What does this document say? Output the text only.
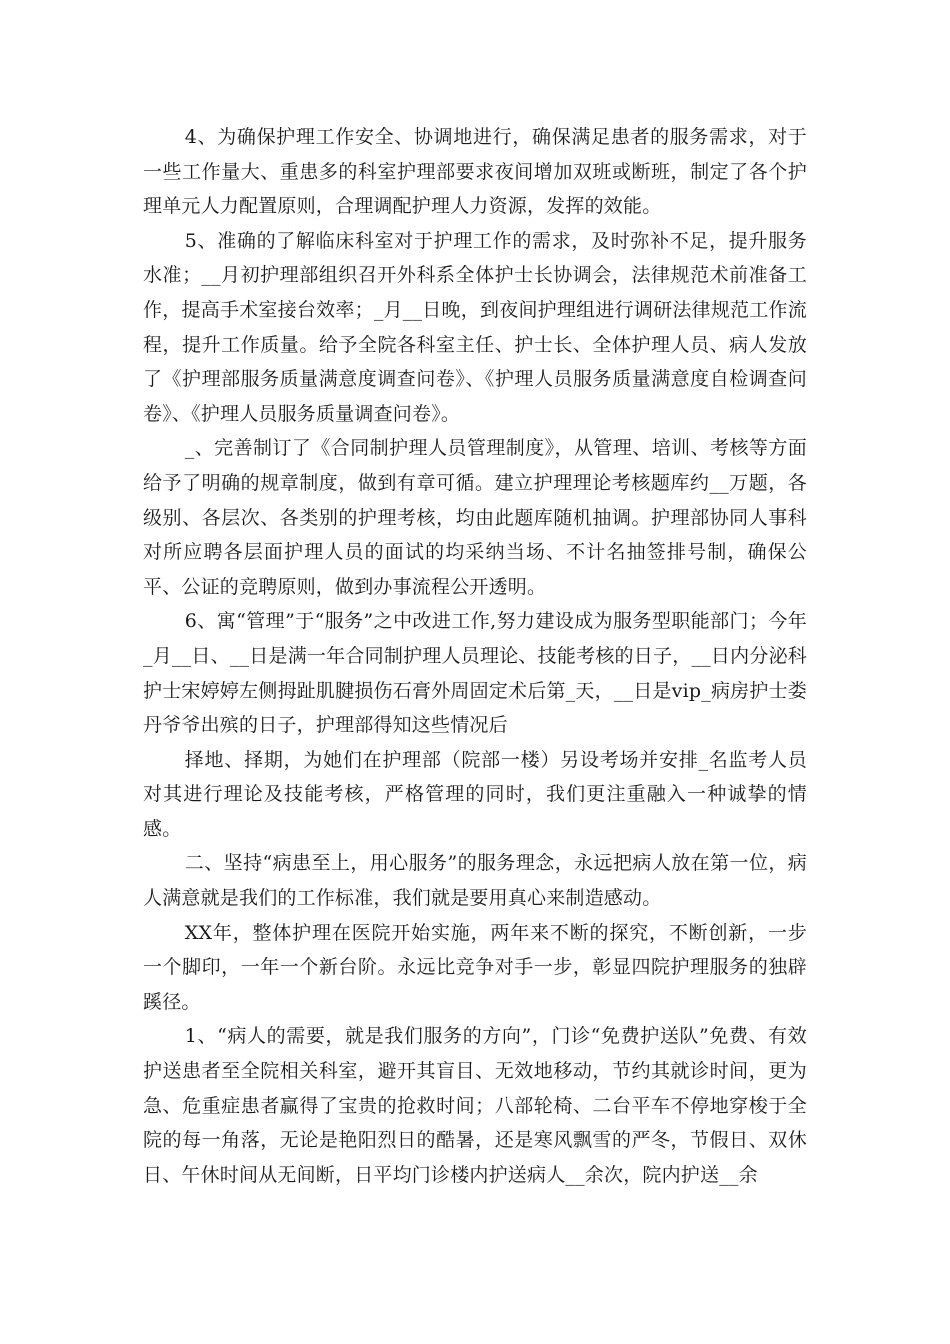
4、为确保护理工作安全、协调地进行，确保满足患者的服务需求，对于一些工作量大、重患多的科室护理部要求夜间增加双班或断班，制定了各个护理单元人力配置原则，合理调配护理人力资源，发挥的效能。

5、准确的了解临床科室对于护理工作的需求，及时弥补不足，提升服务水准；__月初护理部组织召开外科系全体护士长协调会，法律规范术前准备工作，提高手术室接台效率；_月__日晚，到夜间护理组进行调研法律规范工作流程，提升工作质量。给予全院各科室主任、护士长、全体护理人员、病人发放了《护理部服务质量满意度调查问卷》、《护理人员服务质量满意度自检调查问卷》、《护理人员服务质量调查问卷》。

_、完善制订了《合同制护理人员管理制度》，从管理、培训、考核等方面给予了明确的规章制度，做到有章可循。建立护理理论考核题库约__万题，各级别、各层次、各类别的护理考核，均由此题库随机抽调。护理部协同人事科对所应聘各层面护理人员的面试的均采纳当场、不计名抽签排号制，确保公平、公证的竞聘原则，做到办事流程公开透明。

6、寓“管理”于“服务”之中改进工作,努力建设成为服务型职能部门；今年_月__日、__日是满一年合同制护理人员理论、技能考核的日子，__日内分泌科护士宋婷婷左侧拇趾肌腱损伤石膏外周固定术后第_天，__日是vip_病房护士娄丹爷爷出殡的日子，护理部得知这些情况后

择地、择期，为她们在护理部（院部一楼）另设考场并安排_名监考人员对其进行理论及技能考核，严格管理的同时，我们更注重融入一种诚挚的情感。

二、坚持“病患至上，用心服务”的服务理念，永远把病人放在第一位，病人满意就是我们的工作标准，我们就是要用真心来制造感动。

XX年，整体护理在医院开始实施，两年来不断的探究，不断创新，一步一个脚印，一年一个新台阶。永远比竞争对手一步，彰显四院护理服务的独辟蹊径。

1、“病人的需要，就是我们服务的方向”，门诊“免费护送队”免费、有效护送患者至全院相关科室，避开其盲目、无效地移动，节约其就诊时间，更为急、危重症患者赢得了宝贵的抢救时间；八部轮椅、二台平车不停地穿梭于全院的每一角落，无论是艳阳烈日的酷暑，还是寒风飘雪的严冬，节假日、双休日、午休时间从无间断，日平均门诊楼内护送病人__余次，院内护送__余
